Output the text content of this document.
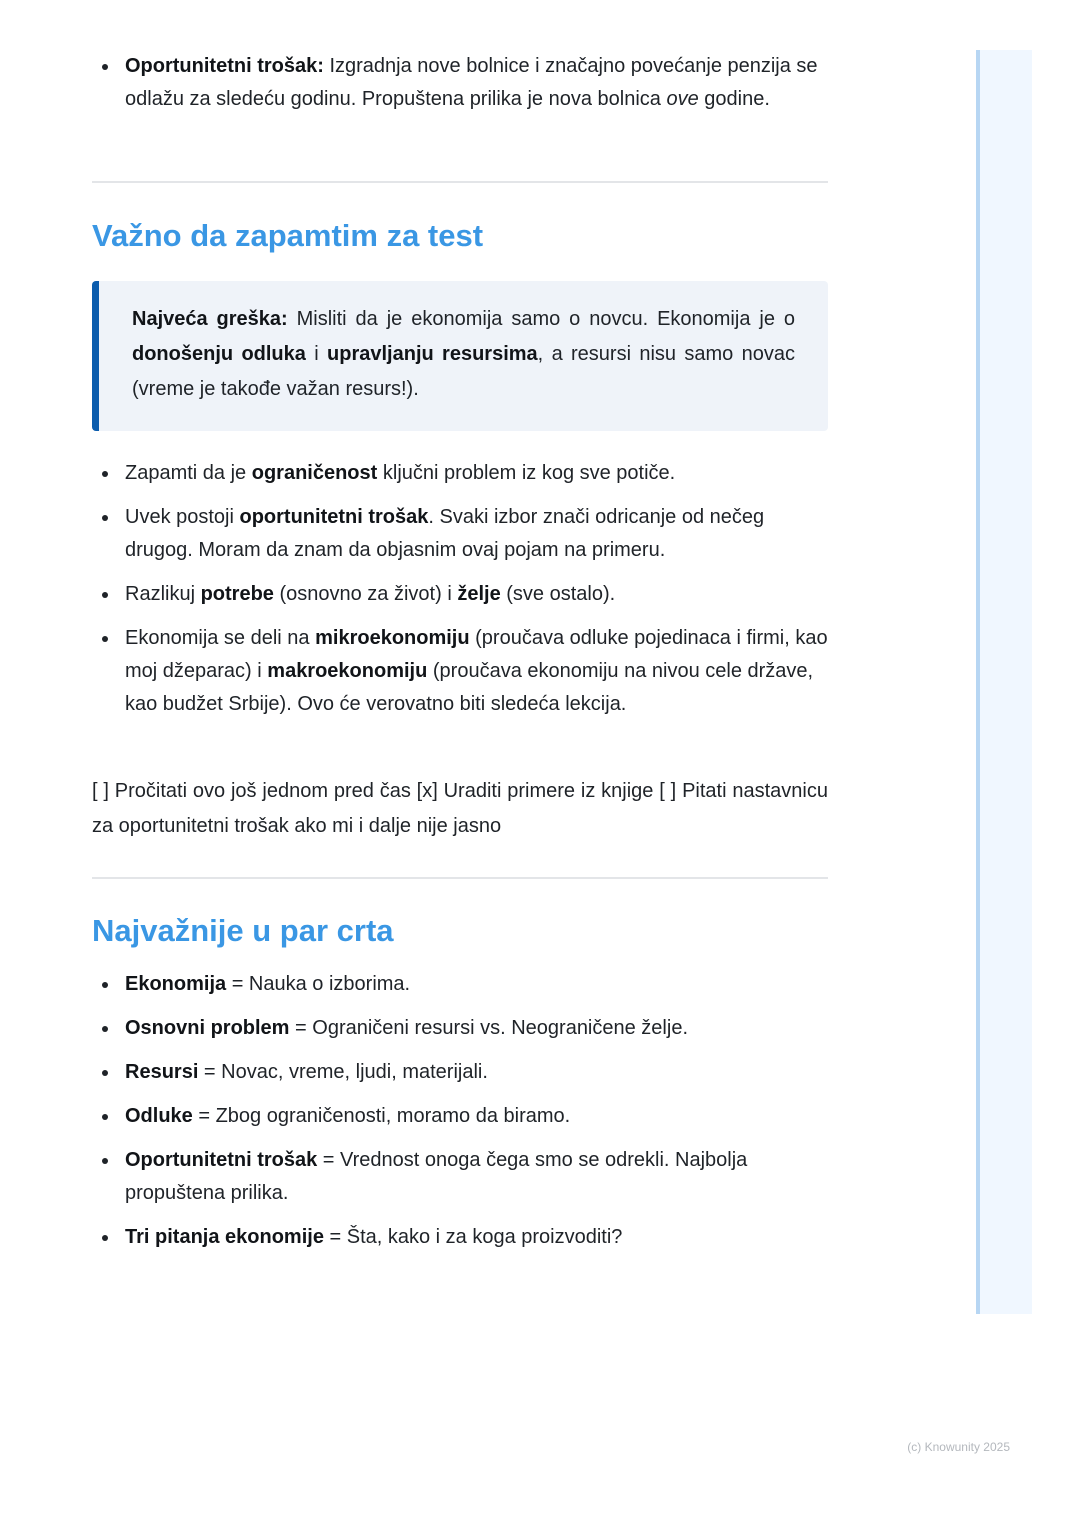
Oportunitetni trošak: Izgradnja nove bolnice i značajno povećanje penzija se odlažu za sledeću godinu. Propuštena prilika je nova bolnica ove godine.
Važno da zapamtim za test

Najveća greška: Misliti da je ekonomija samo o novcu. Ekonomija je o donošenju odluka i upravljanju resursima, a resursi nisu samo novac (vreme je takođe važan resurs!).

Zapamti da je ograničenost ključni problem iz kog sve potiče.
Uvek postoji oportunitetni trošak. Svaki izbor znači odricanje od nečeg drugog. Moram da znam da objasnim ovaj pojam na primeru.
Razlikuj potrebe (osnovno za život) i želje (sve ostalo).
Ekonomija se deli na mikroekonomiju (proučava odluke pojedinaca i firmi, kao moj džeparac) i makroekonomiju (proučava ekonomiju na nivou cele države, kao budžet Srbije). Ovo će verovatno biti sledeća lekcija.

[ ] Pročitati ovo još jednom pred čas [x] Uraditi primere iz knjige [ ] Pitati nastavnicu za oportunitetni trošak ako mi i dalje nije jasno

Najvažnije u par crta
Ekonomija = Nauka o izborima.
Osnovni problem = Ograničeni resursi vs. Neograničene želje.
Resursi = Novac, vreme, ljudi, materijali.
Odluke = Zbog ograničenosti, moramo da biramo.
Oportunitetni trošak = Vrednost onoga čega smo se odrekli. Najbolja propuštena prilika.
Tri pitanja ekonomije = Šta, kako i za koga proizvoditi?
(c) Knowunity 2025
